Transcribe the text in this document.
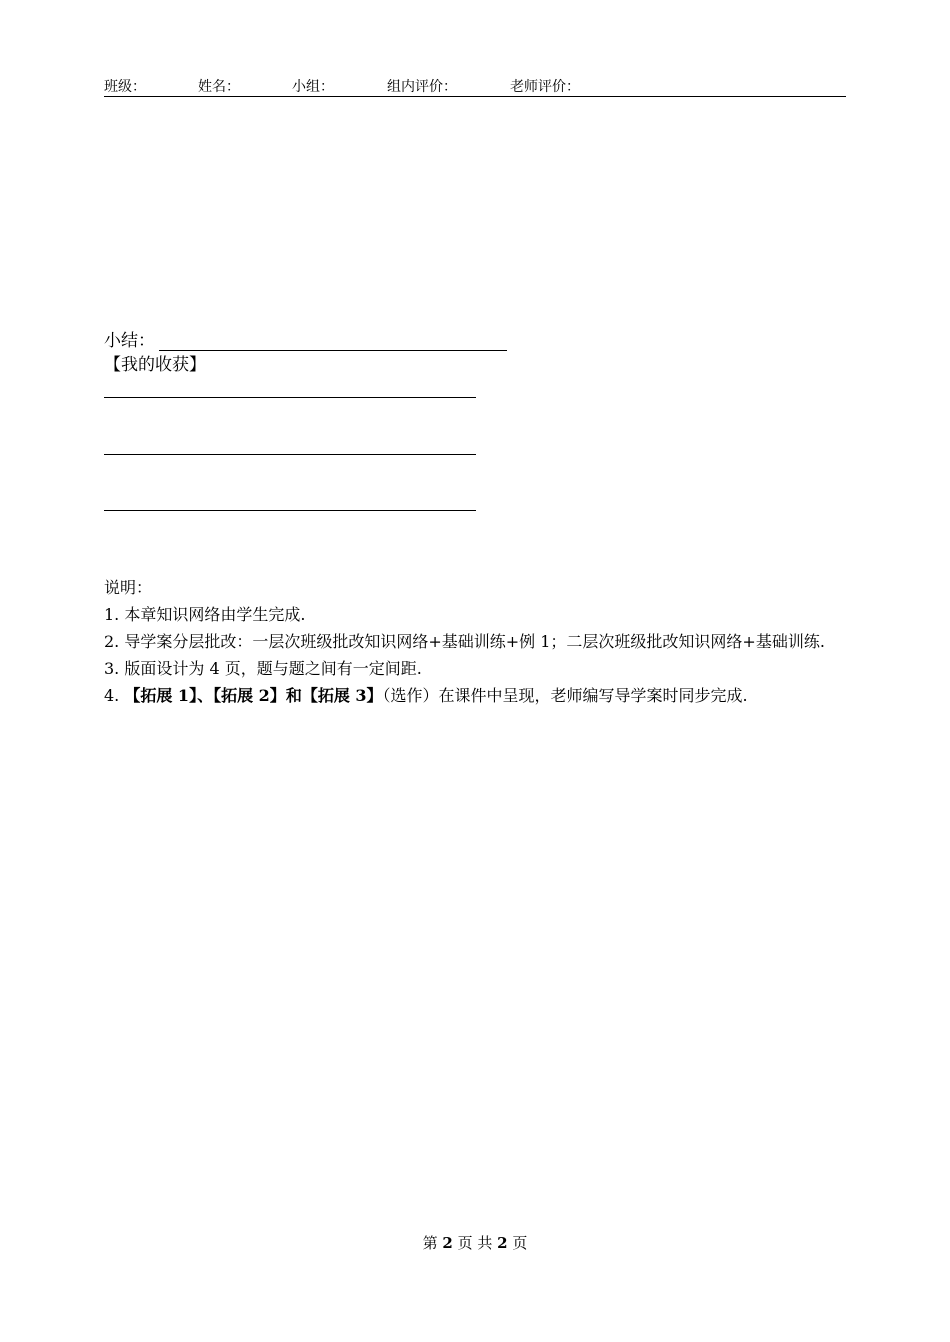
班级：	姓名：	小组：	组内评价：	老师评价：
小结：
【我的收获】
说明：
1. 本章知识网络由学生完成.
2. 导学案分层批改：一层次班级批改知识网络+基础训练+例 1；二层次班级批改知识网络+基础训练.
3. 版面设计为 4 页，题与题之间有一定间距.
4. 【拓展 1】、【拓展 2】和【拓展 3】（选作）在课件中呈现，老师编写导学案时同步完成.
第 2 页 共 2 页
